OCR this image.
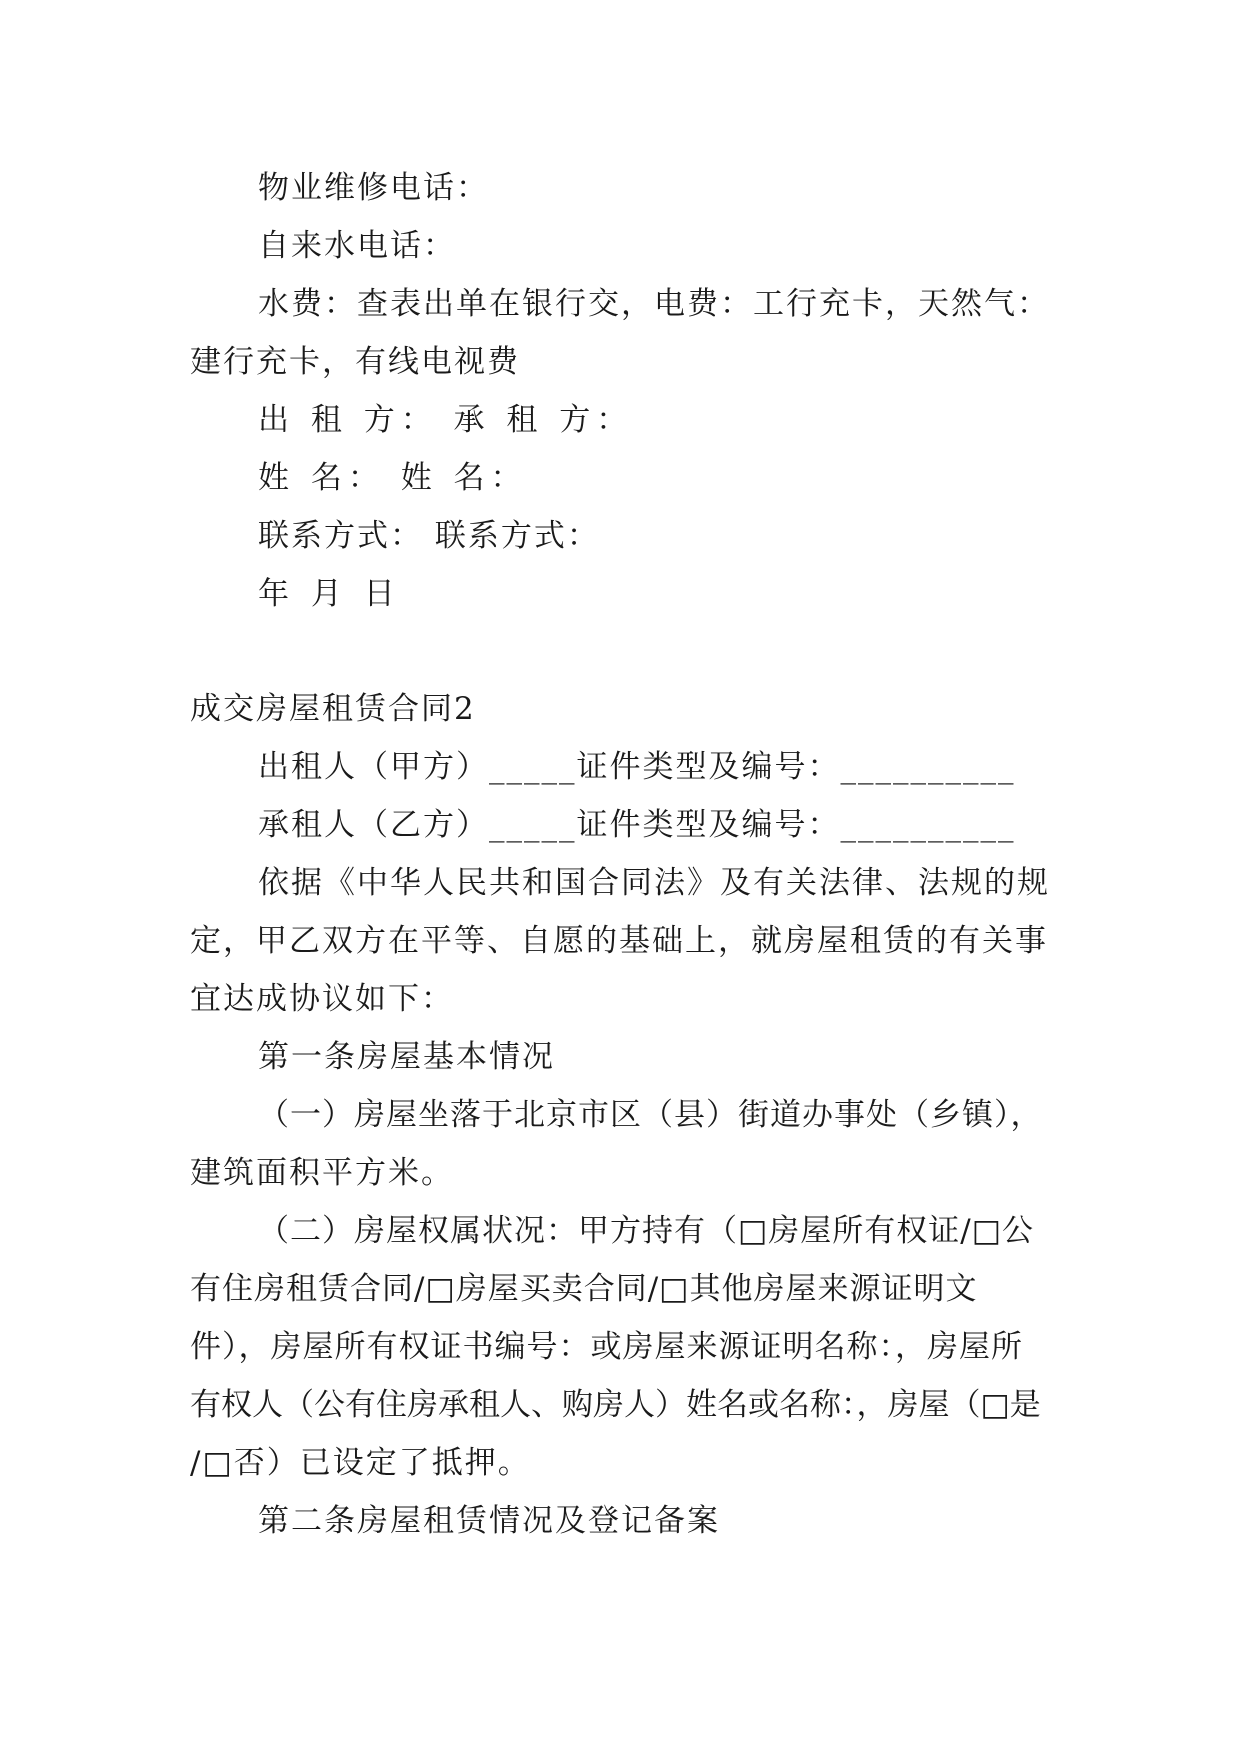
物业维修电话：
自来水电话：
水费：查表出单在银行交，电费：工行充卡，天然气：
建行充卡，有线电视费
出 租 方： 承 租 方：
姓 名： 姓 名：
联系方式： 联系方式：
年 月 日
成交房屋租赁合同2
出租人（甲方）_____证件类型及编号：__________
承租人（乙方）_____证件类型及编号：__________
依据《中华人民共和国合同法》及有关法律、法规的规
定，甲乙双方在平等、自愿的基础上，就房屋租赁的有关事
宜达成协议如下：
第一条房屋基本情况
（一）房屋坐落于北京市区（县）街道办事处（乡镇），
建筑面积平方米。
（二）房屋权属状况：甲方持有（□房屋所有权证/□公
有住房租赁合同/□房屋买卖合同/□其他房屋来源证明文
件），房屋所有权证书编号：或房屋来源证明名称：，房屋所
有权人（公有住房承租人、购房人）姓名或名称：，房屋（□是
/□否）已设定了抵押。
第二条房屋租赁情况及登记备案
